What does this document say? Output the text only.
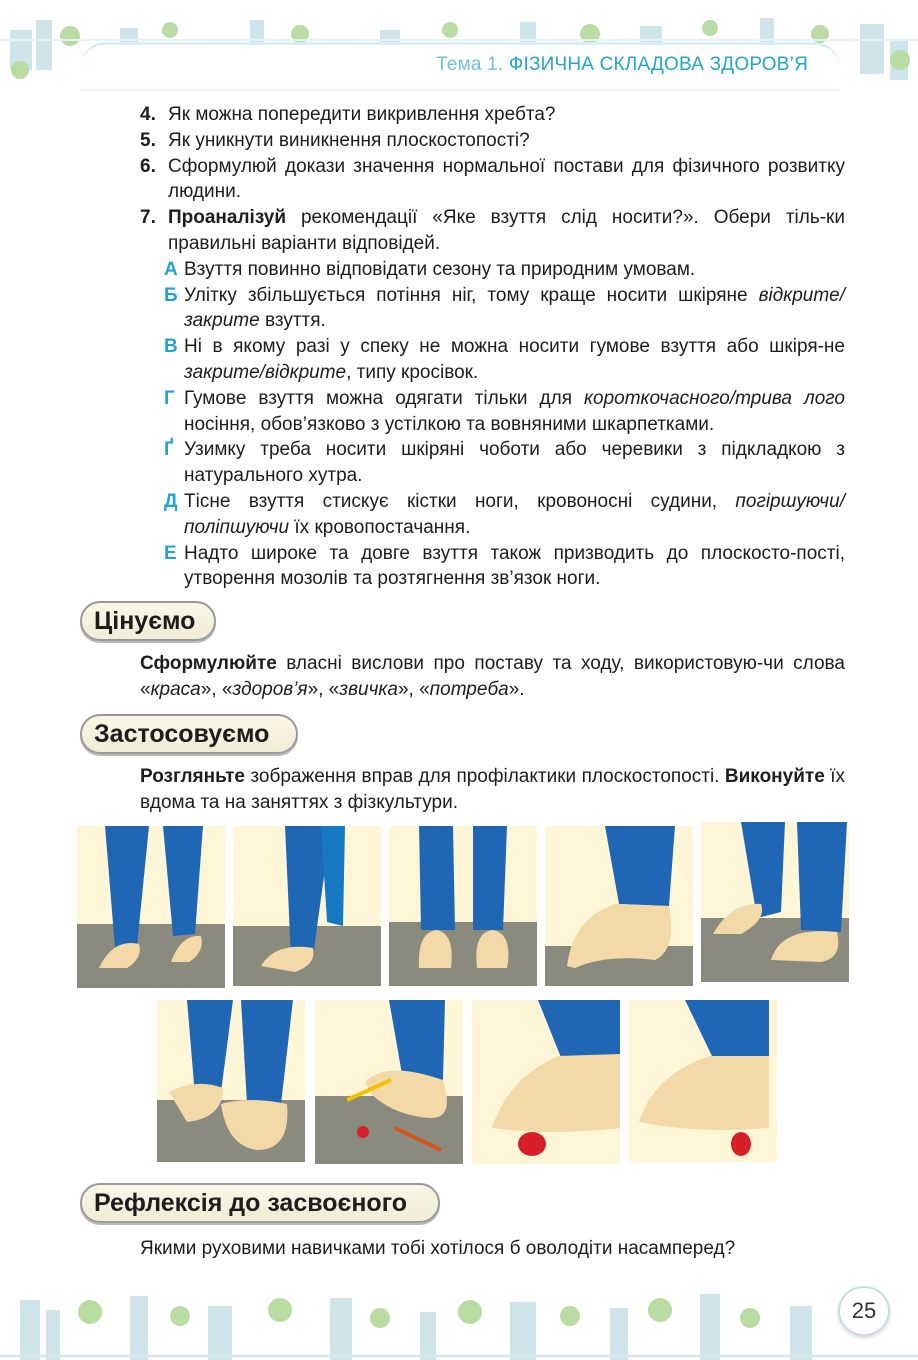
Тема 1. ФІЗИЧНА СКЛАДОВА ЗДОРОВ’Я
4. Як можна попередити викривлення хребта?
5. Як уникнути виникнення плоскостопості?
6. Сформулюй докази значення нормальної постави для фізичного розвитку людини.
7. Проаналізуй рекомендації «Яке взуття слід носити?». Обери тіль-ки правильні варіанти відповідей.
А Взуття повинно відповідати сезону та природним умовам.
Б Улітку збільшується потіння ніг, тому краще носити шкіряне відкрите/закрите взуття.
В Ні в якому разі у спеку не можна носити гумове взуття або шкіря-не закрите/відкрите, типу кросівок.
Г Гумове взуття можна одягати тільки для короткочасного/трива лого носіння, обов’язково з устілкою та вовняними шкарпетками.
Ґ Узимку треба носити шкіряні чоботи або черевики з підкладкою з натурального хутра.
Д Тісне взуття стискує кістки ноги, кровоносні судини, погіршуючи/поліпшуючи їх кровопостачання.
Е Надто широке та довге взуття також призводить до плоскосто-пості, утворення мозолів та розтягнення зв’язок ноги.
Цінуємо
Сформулюйте власні вислови про поставу та ходу, використовую-чи слова «краса», «здоров’я», «звичка», «потреба».
Застосовуємо
Розгляньте зображення вправ для профілактики плоскостопості. Виконуйте їх вдома та на заняттях з фізкультури.
Рефлексія до засвоєного
Якими руховими навичками тобі хотілося б оволодіти насамперед?
25
